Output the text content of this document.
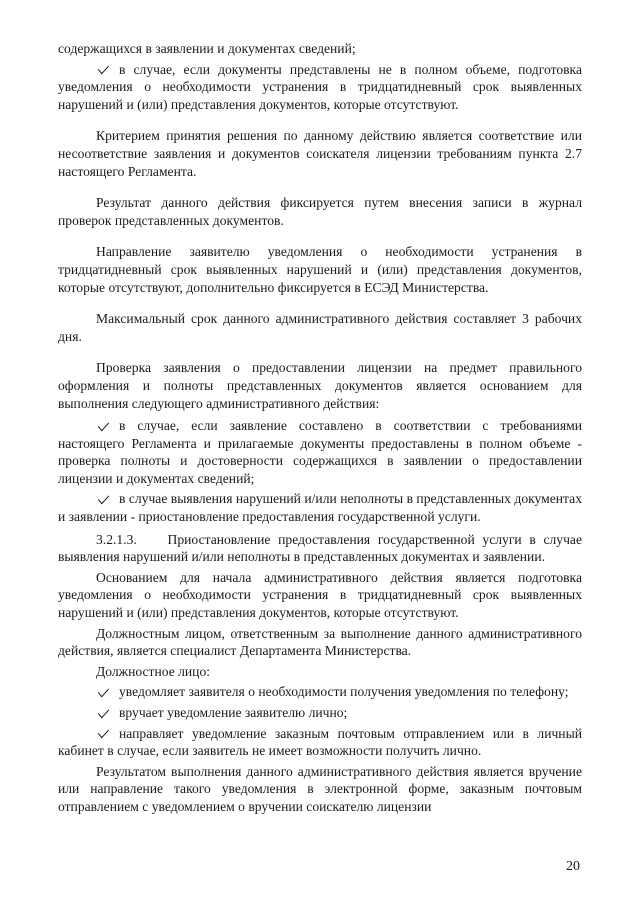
содержащихся в заявлении и документах сведений;

в случае, если документы представлены не в полном объеме, подготовка уведомления о необходимости устранения в тридцатидневный срок выявленных нарушений и (или) представления документов, которые отсутствуют.

Критерием принятия решения по данному действию является соответствие или несоответствие заявления и документов соискателя лицензии требованиям пункта 2.7 настоящего Регламента.

Результат данного действия фиксируется путем внесения записи в журнал проверок представленных документов.

Направление заявителю уведомления о необходимости устранения в тридцатидневный срок выявленных нарушений и (или) представления документов, которые отсутствуют, дополнительно фиксируется в ЕСЭД Министерства.

Максимальный срок данного административного действия составляет 3 рабочих дня.

Проверка заявления о предоставлении лицензии на предмет правильного оформления и полноты представленных документов является основанием для выполнения следующего административного действия:

в случае, если заявление составлено в соответствии с требованиями настоящего Регламента и прилагаемые документы предоставлены в полном объеме - проверка полноты и достоверности содержащихся в заявлении о предоставлении лицензии и документах сведений;

в случае выявления нарушений и/или неполноты в представленных документах и заявлении - приостановление предоставления государственной услуги.

3.2.1.3.    Приостановление предоставления государственной услуги в случае выявления нарушений и/или неполноты в представленных документах и заявлении.

Основанием для начала административного действия является подготовка уведомления о необходимости устранения в тридцатидневный срок выявленных нарушений и (или) представления документов, которые отсутствуют.

Должностным лицом, ответственным за выполнение данного административного действия, является специалист Департамента Министерства.

Должностное лицо:

уведомляет заявителя о необходимости получения уведомления по телефону;

вручает уведомление заявителю лично;

направляет уведомление заказным почтовым отправлением или в личный кабинет в случае, если заявитель не имеет возможности получить лично.

Результатом выполнения данного административного действия является вручение или направление такого уведомления в электронной форме, заказным почтовым отправлением с уведомлением о вручении соискателю лицензии

20
